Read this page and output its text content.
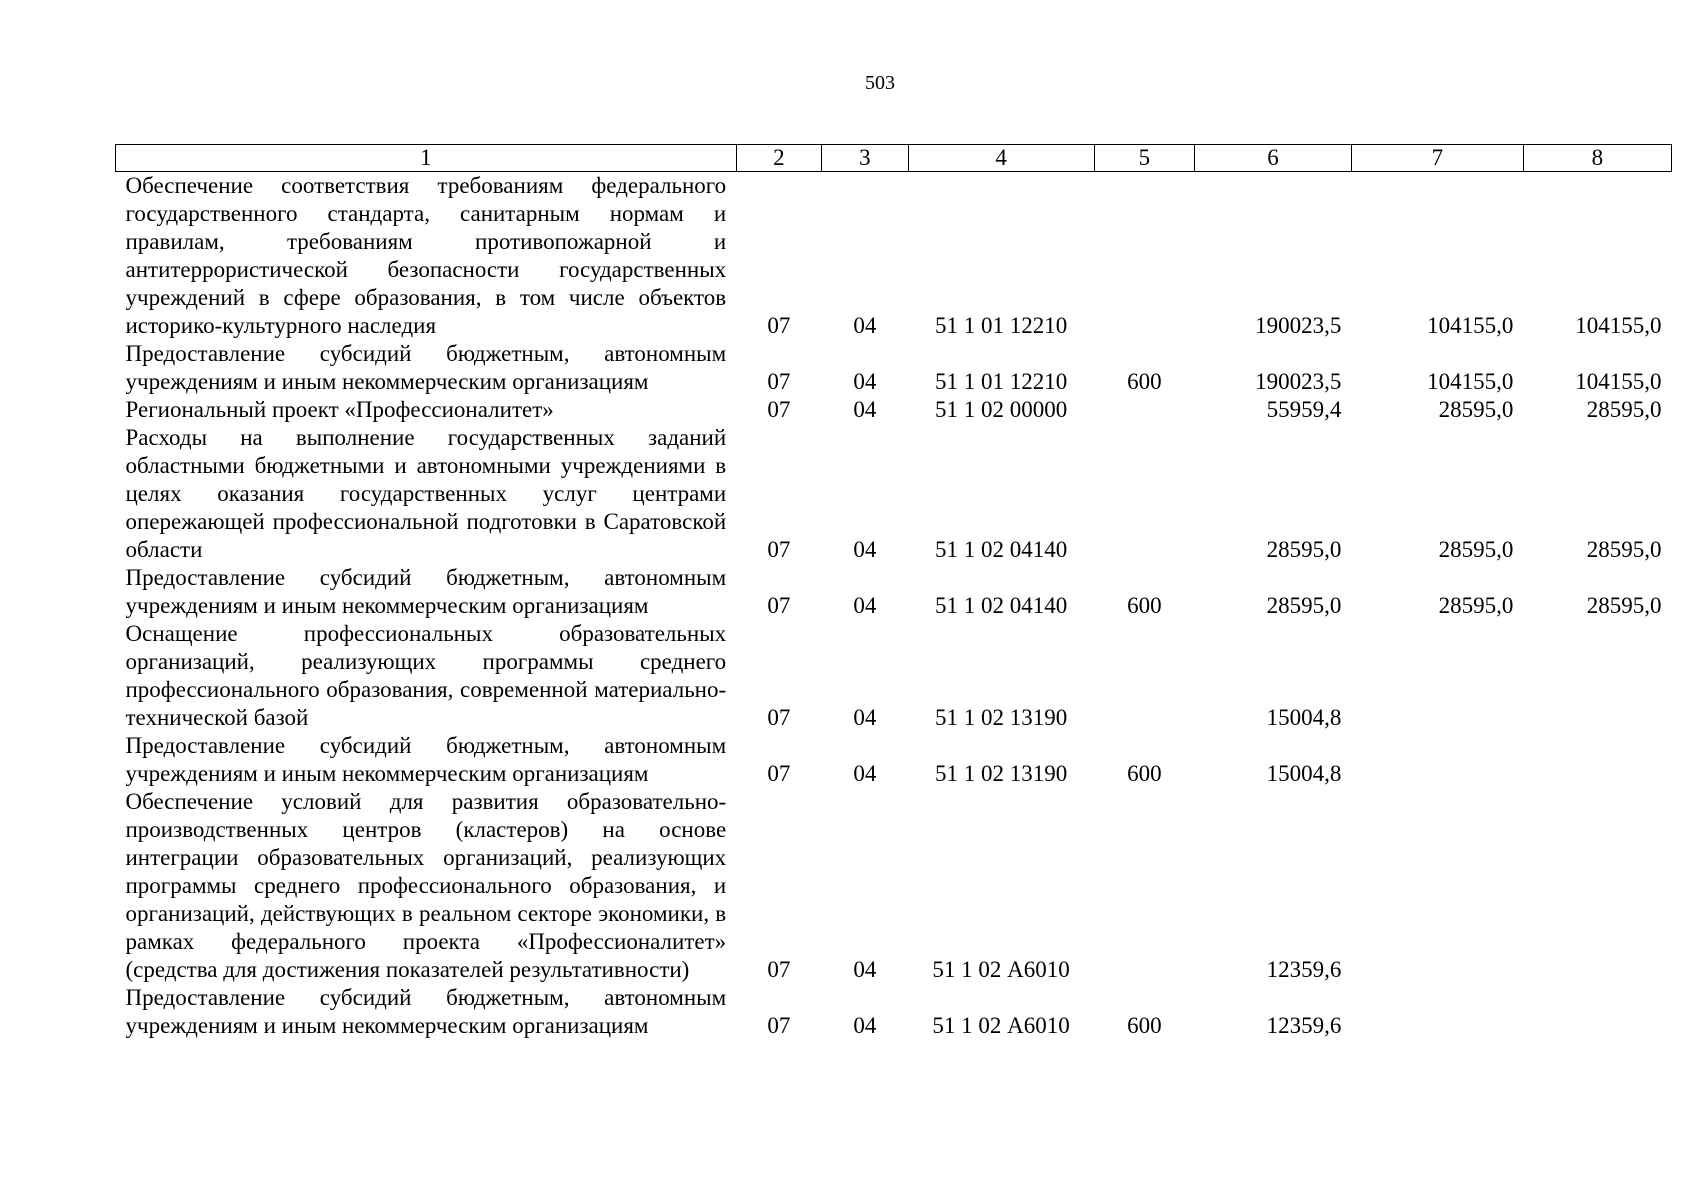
503
1	2	3	4	5	6	7	8
Обеспечение соответствия требованиям федерального государственного стандарта, санитарным нормам и правилам, требованиям противопожарной и антитеррористической безопасности государственных учреждений в сфере образования, в том числе объектов историко-культурного наследия	07	04	51 1 01 12210		190023,5	104155,0	104155,0
Предоставление субсидий бюджетным, автономным учреждениям и иным некоммерческим организациям	07	04	51 1 01 12210	600	190023,5	104155,0	104155,0
Региональный проект «Профессионалитет»	07	04	51 1 02 00000		55959,4	28595,0	28595,0
Расходы на выполнение государственных заданий областными бюджетными и автономными учреждениями в целях оказания государственных услуг центрами опережающей профессиональной подготовки в Саратовской области	07	04	51 1 02 04140		28595,0	28595,0	28595,0
Предоставление субсидий бюджетным, автономным учреждениям и иным некоммерческим организациям	07	04	51 1 02 04140	600	28595,0	28595,0	28595,0
Оснащение профессиональных образовательных организаций, реализующих программы среднего профессионального образования, современной материально-технической базой	07	04	51 1 02 13190		15004,8		
Предоставление субсидий бюджетным, автономным учреждениям и иным некоммерческим организациям	07	04	51 1 02 13190	600	15004,8		
Обеспечение условий для развития образовательно-производственных центров (кластеров) на основе интеграции образовательных организаций, реализующих программы среднего профессионального образования, и организаций, действующих в реальном секторе экономики, в рамках федерального проекта «Профессионалитет» (средства для достижения показателей результативности)	07	04	51 1 02 А6010		12359,6		
Предоставление субсидий бюджетным, автономным учреждениям и иным некоммерческим организациям	07	04	51 1 02 А6010	600	12359,6		
